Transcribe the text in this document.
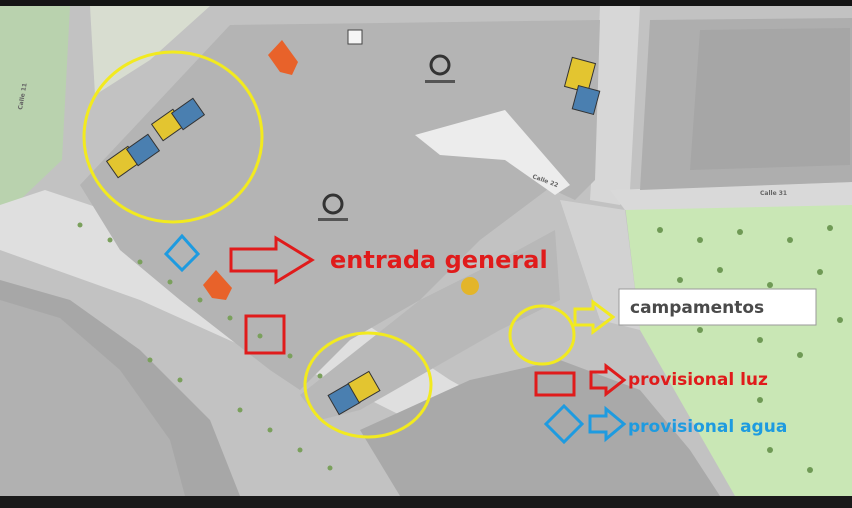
Calle 11
Calle 22
Calle 31
entrada general
campamentos
provisional luz
provisional agua
